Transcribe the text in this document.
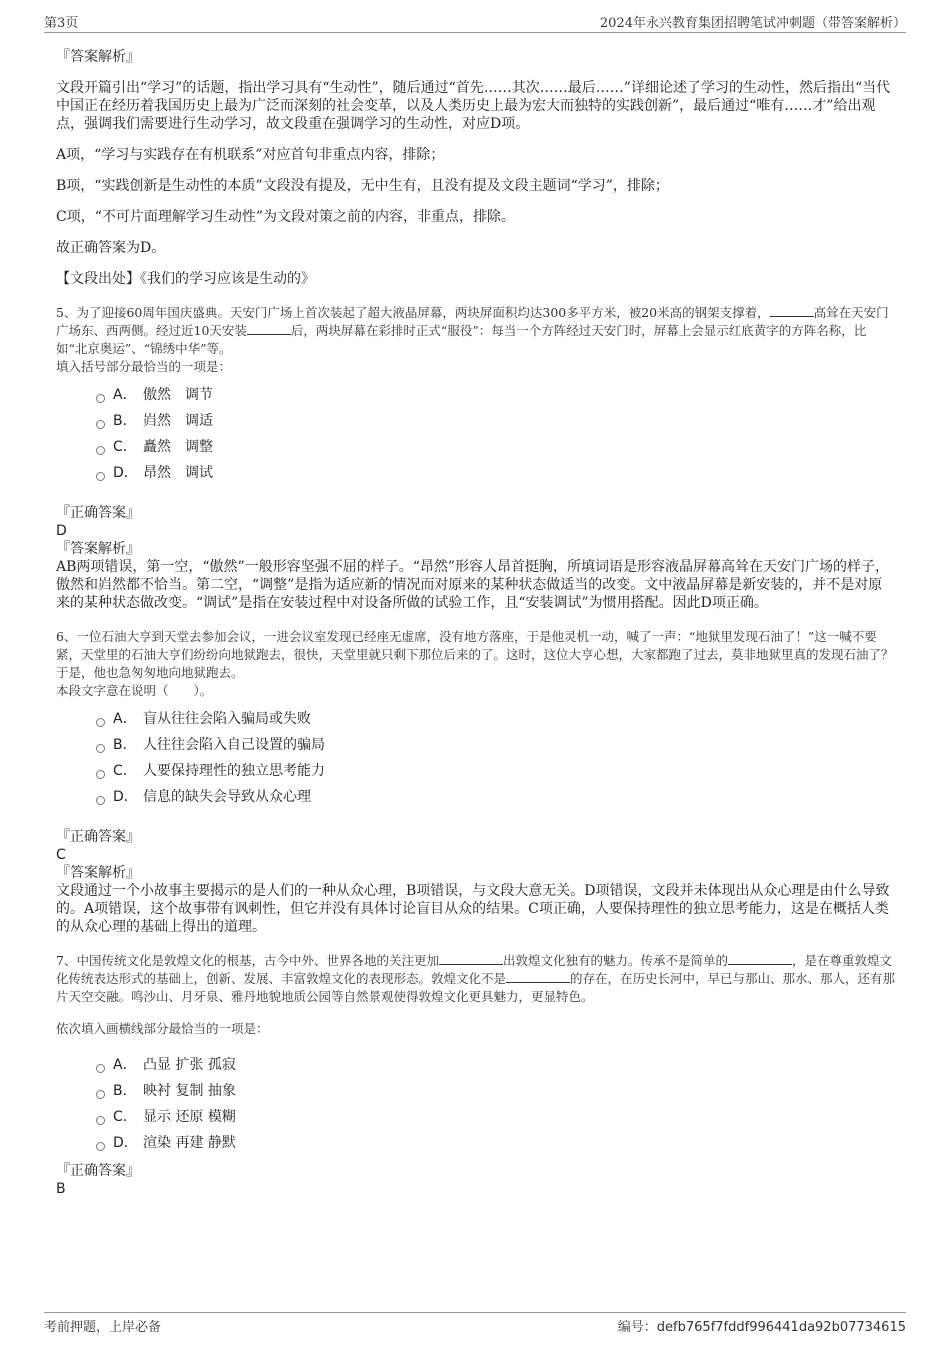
第3页	2024年永兴教育集团招聘笔试冲刺题（带答案解析）

『答案解析』

文段开篇引出“学习”的话题，指出学习具有“生动性”，随后通过“首先……其次……最后……”详细论述了学习的生动性，然后指出“当代中国正在经历着我国历史上最为广泛而深刻的社会变革，以及人类历史上最为宏大而独特的实践创新”，最后通过“唯有……才”给出观点，强调我们需要进行生动学习，故文段重在强调学习的生动性，对应D项。

A项，“学习与实践存在有机联系”对应首句非重点内容，排除；

B项，“实践创新是生动性的本质”文段没有提及，无中生有，且没有提及文段主题词“学习”，排除；

C项，“不可片面理解学习生动性”为文段对策之前的内容，非重点，排除。

故正确答案为D。

【文段出处】《我们的学习应该是生动的》

5、为了迎接60周年国庆盛典。天安门广场上首次装起了超大液晶屏幕，两块屏面积均达300多平方米，被20米高的钢架支撑着，	高耸在天安门广场东、西两侧。经过近10天安装	后，两块屏幕在彩排时正式“服役”：每当一个方阵经过天安门时，屏幕上会显示红底黄字的方阵名称，比如“北京奥运”、“锦绣中华”等。

填入括号部分最恰当的一项是：

A． 傲然　调节
B． 岿然　调适
C． 矗然　调整
D． 昂然　调试

『正确答案』

D

『答案解析』

AB两项错误，第一空，“傲然”一般形容坚强不屈的样子。“昂然”形容人昂首挺胸，所填词语是形容液晶屏幕高耸在天安门广场的样子，傲然和岿然都不恰当。第二空，“调整”是指为适应新的情况而对原来的某种状态做适当的改变。文中液晶屏幕是新安装的，并不是对原来的某种状态做改变。“调试”是指在安装过程中对设备所做的试验工作，且“安装调试”为惯用搭配。因此D项正确。

6、一位石油大亨到天堂去参加会议，一进会议室发现已经座无虚席，没有地方落座，于是他灵机一动，喊了一声：“地狱里发现石油了！”这一喊不要紧，天堂里的石油大亨们纷纷向地狱跑去，很快，天堂里就只剩下那位后来的了。这时，这位大亨心想，大家都跑了过去，莫非地狱里真的发现石油了？于是，他也急匆匆地向地狱跑去。

本段文字意在说明（　　）。

A． 盲从往往会陷入骗局或失败
B． 人往往会陷入自己设置的骗局
C． 人要保持理性的独立思考能力
D． 信息的缺失会导致从众心理

『正确答案』

C

『答案解析』

文段通过一个小故事主要揭示的是人们的一种从众心理，B项错误，与文段大意无关。D项错误，文段并未体现出从众心理是由什么导致的。A项错误，这个故事带有讽刺性，但它并没有具体讨论盲目从众的结果。C项正确，人要保持理性的独立思考能力，这是在概括人类的从众心理的基础上得出的道理。

7、中国传统文化是敦煌文化的根基，古今中外、世界各地的关注更加	出敦煌文化独有的魅力。传承不是简单的	，是在尊重敦煌文化传统表达形式的基础上，创新、发展、丰富敦煌文化的表现形态。敦煌文化不是	的存在，在历史长河中，早已与那山、那水、那人，还有那片天空交融。鸣沙山、月牙泉、雅丹地貌地质公园等自然景观使得敦煌文化更具魅力，更显特色。

依次填入画横线部分最恰当的一项是：

A． 凸显 扩张 孤寂
B． 映衬 复制 抽象
C． 显示 还原 模糊
D． 渲染 再建 静默

『正确答案』

B

考前押题，上岸必备	编号：defb765f7fddf996441da92b07734615
